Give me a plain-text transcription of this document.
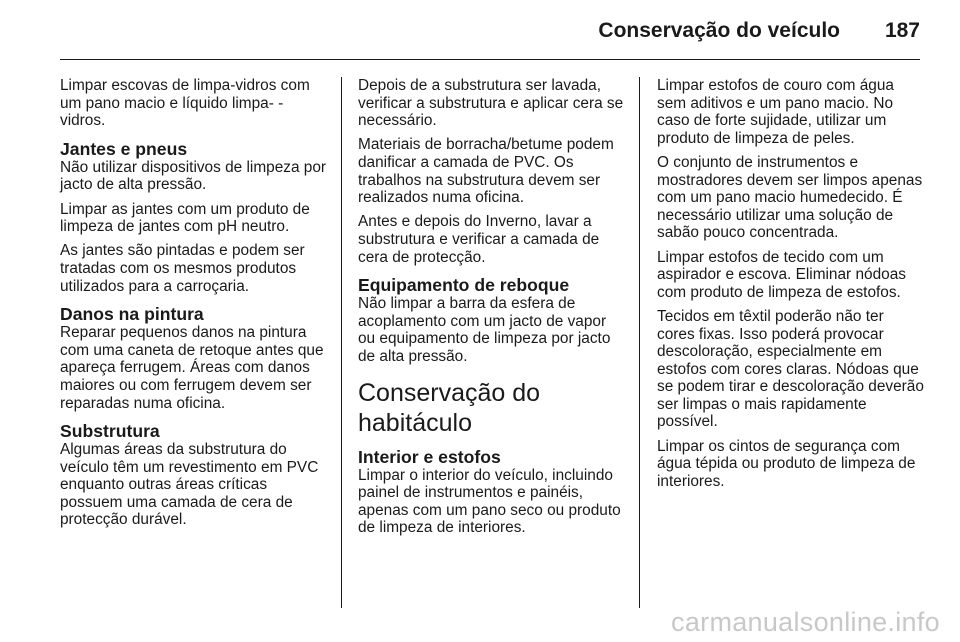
Conservação do veículo 187

Limpar escovas de limpa-vidros com um pano macio e líquido limpa- -vidros.

Jantes e pneus

Não utilizar dispositivos de limpeza por jacto de alta pressão.

Limpar as jantes com um produto de limpeza de jantes com pH neutro.

As jantes são pintadas e podem ser tratadas com os mesmos produtos utilizados para a carroçaria.

Danos na pintura

Reparar pequenos danos na pintura com uma caneta de retoque antes que apareça ferrugem. Áreas com danos maiores ou com ferrugem devem ser reparadas numa oficina.

Substrutura

Algumas áreas da substrutura do veículo têm um revestimento em PVC enquanto outras áreas críticas possuem uma camada de cera de protecção durável.

Depois de a substrutura ser lavada, verificar a substrutura e aplicar cera se necessário.

Materiais de borracha/betume podem danificar a camada de PVC. Os trabalhos na substrutura devem ser realizados numa oficina.

Antes e depois do Inverno, lavar a substrutura e verificar a camada de cera de protecção.

Equipamento de reboque

Não limpar a barra da esfera de acoplamento com um jacto de vapor ou equipamento de limpeza por jacto de alta pressão.

Conservação do habitáculo
Interior e estofos

Limpar o interior do veículo, incluindo painel de instrumentos e painéis, apenas com um pano seco ou produto de limpeza de interiores.

Limpar estofos de couro com água sem aditivos e um pano macio. No caso de forte sujidade, utilizar um produto de limpeza de peles.

O conjunto de instrumentos e mostradores devem ser limpos apenas com um pano macio humedecido. É necessário utilizar uma solução de sabão pouco concentrada.

Limpar estofos de tecido com um aspirador e escova. Eliminar nódoas com produto de limpeza de estofos.

Tecidos em têxtil poderão não ter cores fixas. Isso poderá provocar descoloração, especialmente em estofos com cores claras. Nódoas que se podem tirar e descoloração deverão ser limpas o mais rapidamente possível.

Limpar os cintos de segurança com água tépida ou produto de limpeza de interiores.

carmanualsonline.info
